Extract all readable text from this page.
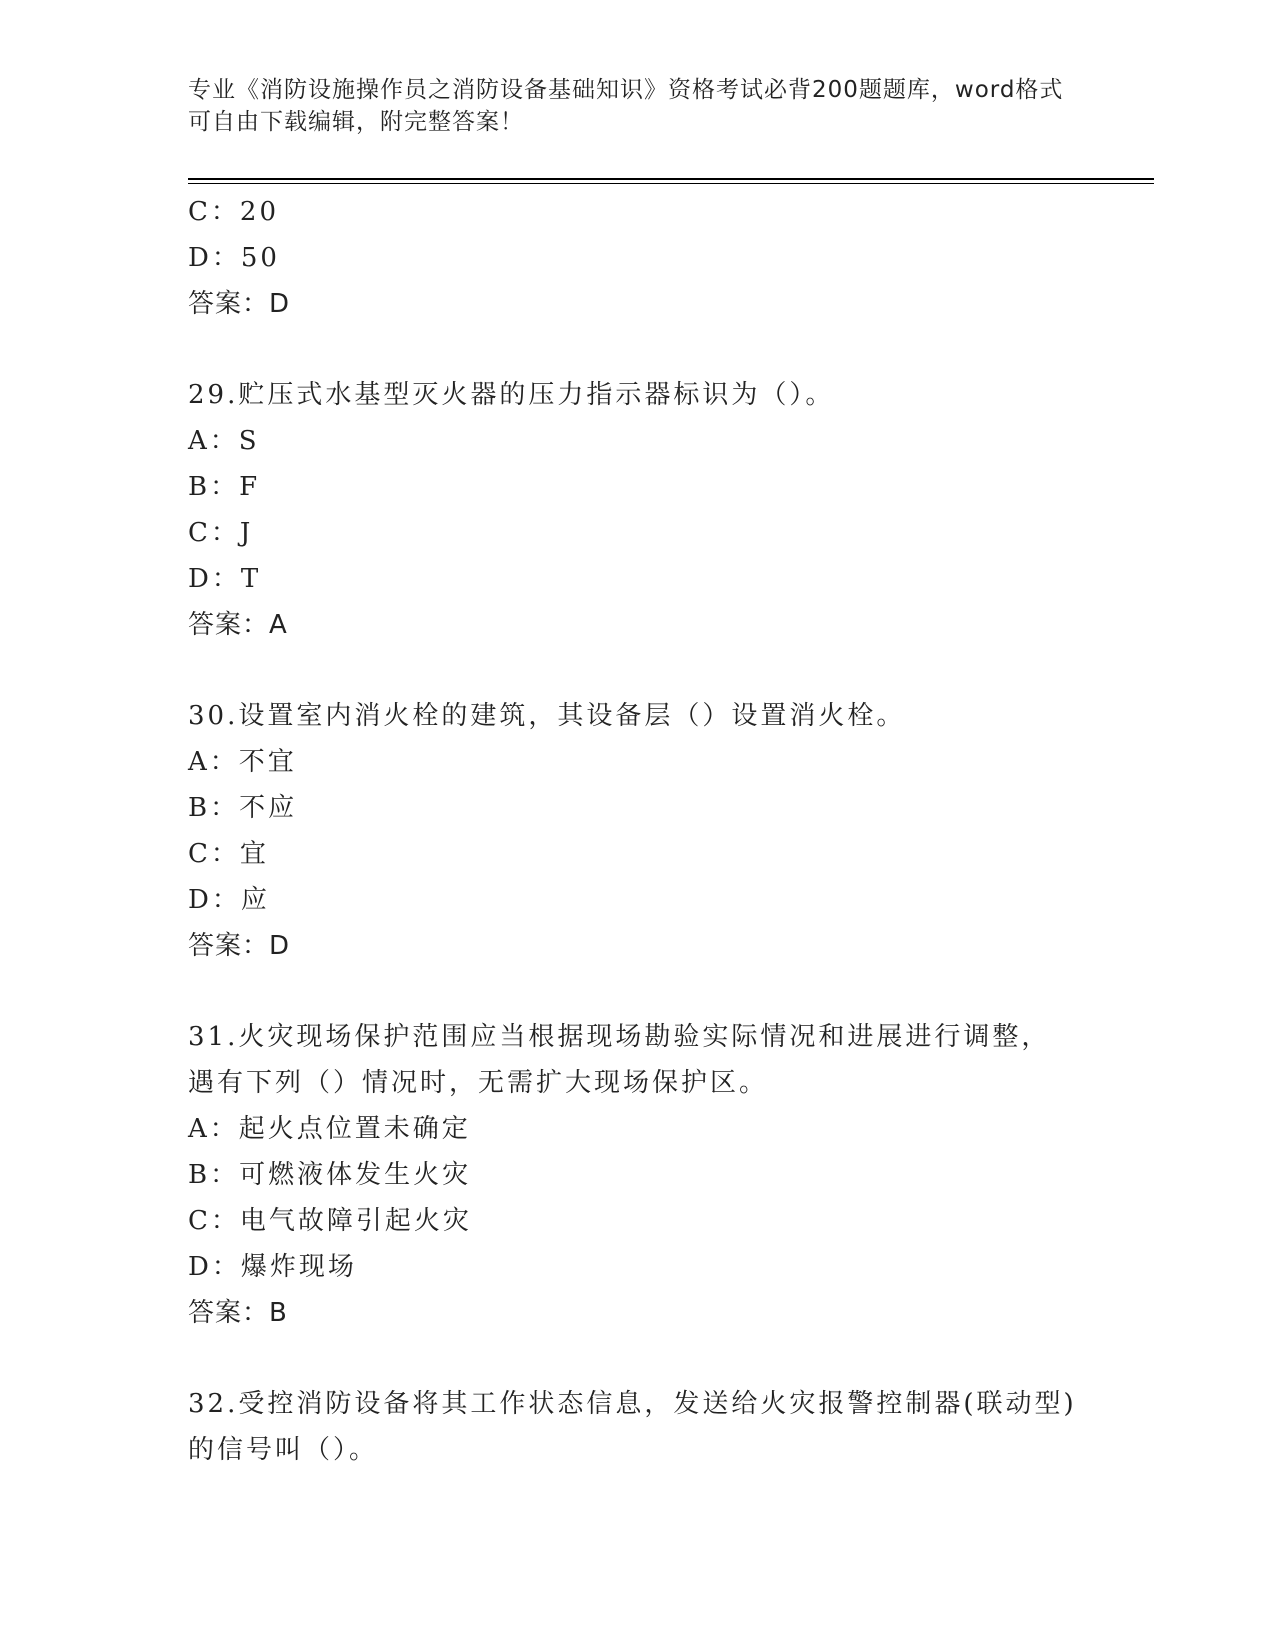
专业《消防设施操作员之消防设备基础知识》资格考试必背200题题库，word格式可自由下载编辑，附完整答案！
C：20
D：50
答案：D
29.贮压式水基型灭火器的压力指示器标识为（）。
A：S
B：F
C：J
D：T
答案：A
30.设置室内消火栓的建筑，其设备层（）设置消火栓。
A：不宜
B：不应
C：宜
D：应
答案：D
31.火灾现场保护范围应当根据现场勘验实际情况和进展进行调整，遇有下列（）情况时，无需扩大现场保护区。
A：起火点位置未确定
B：可燃液体发生火灾
C：电气故障引起火灾
D：爆炸现场
答案：B
32.受控消防设备将其工作状态信息，发送给火灾报警控制器(联动型)的信号叫（）。
